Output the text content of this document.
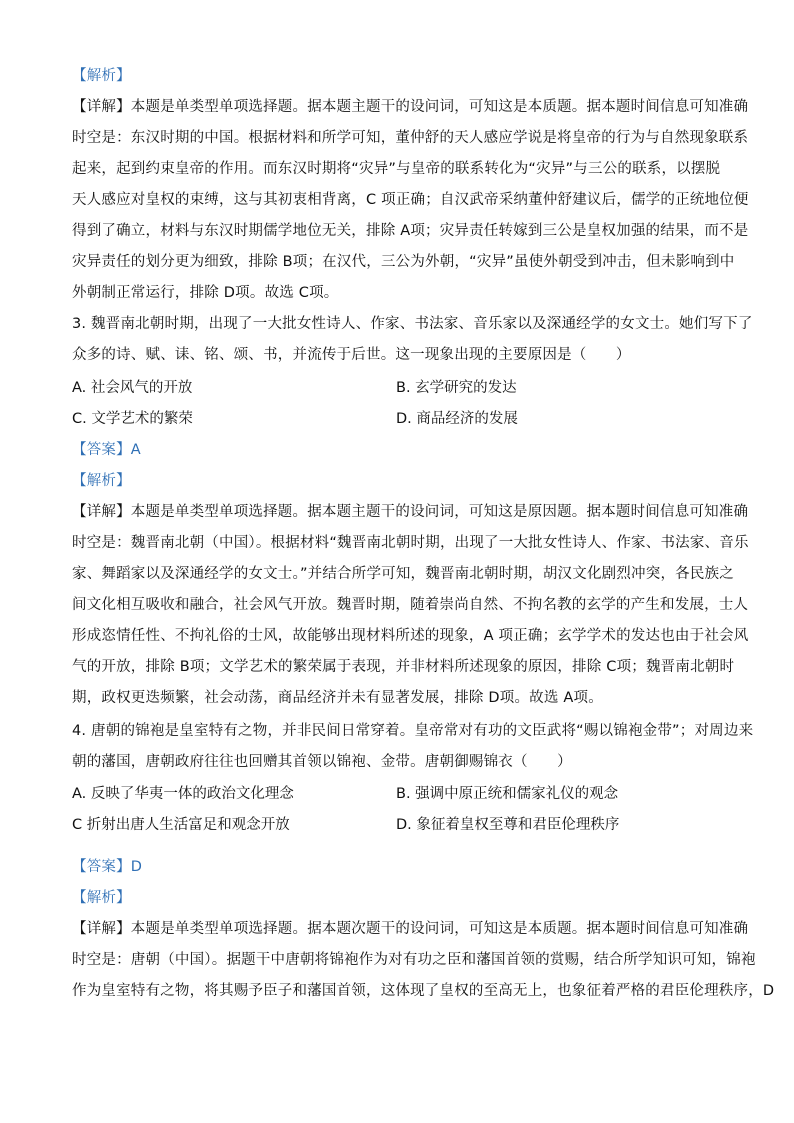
【解析】
【详解】本题是单类型单项选择题。据本题主题干的设问词，可知这是本质题。据本题时间信息可知准确
时空是：东汉时期的中国。根据材料和所学可知，董仲舒的天人感应学说是将皇帝的行为与自然现象联系
起来，起到约束皇帝的作用。而东汉时期将“灾异”与皇帝的联系转化为“灾异”与三公的联系，以摆脱
天人感应对皇权的束缚，这与其初衷相背离，C 项正确；自汉武帝采纳董仲舒建议后，儒学的正统地位便
得到了确立，材料与东汉时期儒学地位无关，排除 A项；灾异责任转嫁到三公是皇权加强的结果，而不是
灾异责任的划分更为细致，排除 B项；在汉代，三公为外朝，“灾异”虽使外朝受到冲击，但未影响到中
外朝制正常运行，排除 D项。故选 C项。
3. 魏晋南北朝时期，出现了一大批女性诗人、作家、书法家、音乐家以及深通经学的女文士。她们写下了
众多的诗、赋、诔、铭、颂、书，并流传于后世。这一现象出现的主要原因是（　　）
A. 社会风气的开放	B. 玄学研究的发达
C. 文学艺术的繁荣	D. 商品经济的发展
【答案】A
【解析】
【详解】本题是单类型单项选择题。据本题主题干的设问词，可知这是原因题。据本题时间信息可知准确
时空是：魏晋南北朝（中国）。根据材料“魏晋南北朝时期，出现了一大批女性诗人、作家、书法家、音乐
家、舞蹈家以及深通经学的女文士。”并结合所学可知，魏晋南北朝时期，胡汉文化剧烈冲突，各民族之
间文化相互吸收和融合，社会风气开放。魏晋时期，随着崇尚自然、不拘名教的玄学的产生和发展，士人
形成恣情任性、不拘礼俗的士风，故能够出现材料所述的现象，A 项正确；玄学学术的发达也由于社会风
气的开放，排除 B项；文学艺术的繁荣属于表现，并非材料所述现象的原因，排除 C项；魏晋南北朝时
期，政权更迭频繁，社会动荡，商品经济并未有显著发展，排除 D项。故选 A项。
4. 唐朝的锦袍是皇室特有之物，并非民间日常穿着。皇帝常对有功的文臣武将“赐以锦袍金带”；对周边来
朝的藩国，唐朝政府往往也回赠其首领以锦袍、金带。唐朝御赐锦衣（　　）
A. 反映了华夷一体的政治文化理念	B. 强调中原正统和儒家礼仪的观念
C 折射出唐人生活富足和观念开放	D. 象征着皇权至尊和君臣伦理秩序
【答案】D
【解析】
【详解】本题是单类型单项选择题。据本题次题干的设问词，可知这是本质题。据本题时间信息可知准确
时空是：唐朝（中国）。据题干中唐朝将锦袍作为对有功之臣和藩国首领的赏赐，结合所学知识可知，锦袍
作为皇室特有之物，将其赐予臣子和藩国首领，这体现了皇权的至高无上，也象征着严格的君臣伦理秩序，D
